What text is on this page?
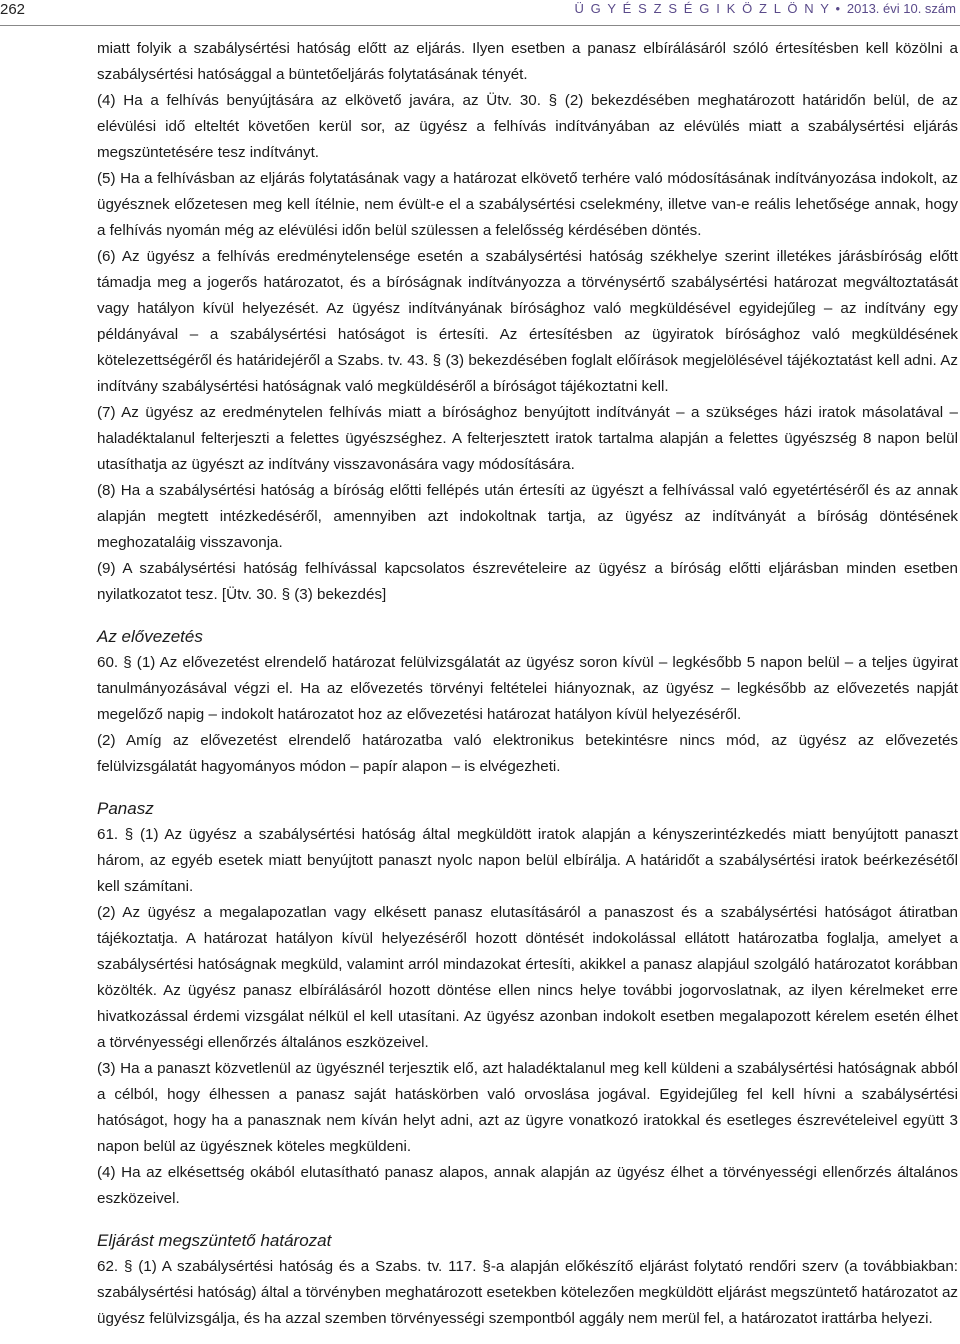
262	Ü G Y É S Z S É G I K Ö Z L Ö N Y • 2013. évi 10. szám

miatt folyik a szabálysértési hatóság előtt az eljárás. Ilyen esetben a panasz elbírálásáról szóló értesítésben kell közölni a szabálysértési hatósággal a büntetőeljárás folytatásának tényét.

(4) Ha a felhívás benyújtására az elkövető javára, az Ütv. 30. § (2) bekezdésében meghatározott határidőn belül, de az elévülési idő elteltét követően kerül sor, az ügyész a felhívás indítványában az elévülés miatt a szabálysértési eljárás megszüntetésére tesz indítványt.

(5) Ha a felhívásban az eljárás folytatásának vagy a határozat elkövető terhére való módosításának indítványozása indokolt, az ügyésznek előzetesen meg kell ítélnie, nem évült-e el a szabálysértési cselekmény, illetve van-e reális lehetősége annak, hogy a felhívás nyomán még az elévülési időn belül szülessen a felelősség kérdésében döntés.

(6) Az ügyész a felhívás eredménytelensége esetén a szabálysértési hatóság székhelye szerint illetékes járásbíróság előtt támadja meg a jogerős határozatot, és a bíróságnak indítványozza a törvénysértő szabálysértési határozat megváltoztatását vagy hatályon kívül helyezését. Az ügyész indítványának bírósághoz való megküldésével egyidejűleg – az indítvány egy példányával – a szabálysértési hatóságot is értesíti. Az értesítésben az ügyiratok bírósághoz való megküldésének kötelezettségéről és határidejéről a Szabs. tv. 43. § (3) bekezdésében foglalt előírások megjelölésével tájékoztatást kell adni. Az indítvány szabálysértési hatóságnak való megküldéséről a bíróságot tájékoztatni kell.

(7) Az ügyész az eredménytelen felhívás miatt a bírósághoz benyújtott indítványát – a szükséges házi iratok másolatával – haladéktalanul felterjeszti a felettes ügyészséghez. A felterjesztett iratok tartalma alapján a felettes ügyészség 8 napon belül utasíthatja az ügyészt az indítvány visszavonására vagy módosítására.

(8) Ha a szabálysértési hatóság a bíróság előtti fellépés után értesíti az ügyészt a felhívással való egyetértéséről és az annak alapján megtett intézkedéséről, amennyiben azt indokoltnak tartja, az ügyész az indítványát a bíróság döntésének meghozataláig visszavonja.

(9) A szabálysértési hatóság felhívással kapcsolatos észrevételeire az ügyész a bíróság előtti eljárásban minden esetben nyilatkozatot tesz. [Ütv. 30. § (3) bekezdés]

Az elővezetés

60. § (1) Az elővezetést elrendelő határozat felülvizsgálatát az ügyész soron kívül – legkésőbb 5 napon belül – a teljes ügyirat tanulmányozásával végzi el. Ha az elővezetés törvényi feltételei hiányoznak, az ügyész – legkésőbb az elővezetés napját megelőző napig – indokolt határozatot hoz az elővezetési határozat hatályon kívül helyezéséről.

(2) Amíg az elővezetést elrendelő határozatba való elektronikus betekintésre nincs mód, az ügyész az elővezetés felülvizsgálatát hagyományos módon – papír alapon – is elvégezheti.

Panasz

61. § (1) Az ügyész a szabálysértési hatóság által megküldött iratok alapján a kényszerintézkedés miatt benyújtott panaszt három, az egyéb esetek miatt benyújtott panaszt nyolc napon belül elbírálja. A határidőt a szabálysértési iratok beérkezésétől kell számítani.

(2) Az ügyész a megalapozatlan vagy elkésett panasz elutasításáról a panaszost és a szabálysértési hatóságot átiratban tájékoztatja. A határozat hatályon kívül helyezéséről hozott döntését indokolással ellátott határozatba foglalja, amelyet a szabálysértési hatóságnak megküld, valamint arról mindazokat értesíti, akikkel a panasz alapjául szolgáló határozatot korábban közölték. Az ügyész panasz elbírálásáról hozott döntése ellen nincs helye további jogorvoslatnak, az ilyen kérelmeket erre hivatkozással érdemi vizsgálat nélkül el kell utasítani. Az ügyész azonban indokolt esetben megalapozott kérelem esetén élhet a törvényességi ellenőrzés általános eszközeivel.

(3) Ha a panaszt közvetlenül az ügyésznél terjesztik elő, azt haladéktalanul meg kell küldeni a szabálysértési hatóságnak abból a célból, hogy élhessen a panasz saját hatáskörben való orvoslása jogával. Egyidejűleg fel kell hívni a szabálysértési hatóságot, hogy ha a panasznak nem kíván helyt adni, azt az ügyre vonatkozó iratokkal és esetleges észrevételeivel együtt 3 napon belül az ügyésznek köteles megküldeni.

(4) Ha az elkésettség okából elutasítható panasz alapos, annak alapján az ügyész élhet a törvényességi ellenőrzés általános eszközeivel.

Eljárást megszüntető határozat

62. § (1) A szabálysértési hatóság és a Szabs. tv. 117. §-a alapján előkészítő eljárást folytató rendőri szerv (a továbbiakban: szabálysértési hatóság) által a törvényben meghatározott esetekben kötelezően megküldött eljárást megszüntető határozatot az ügyész felülvizsgálja, és ha azzal szemben törvényességi szempontból aggály nem merül fel, a határozatot irattárba helyezi.
